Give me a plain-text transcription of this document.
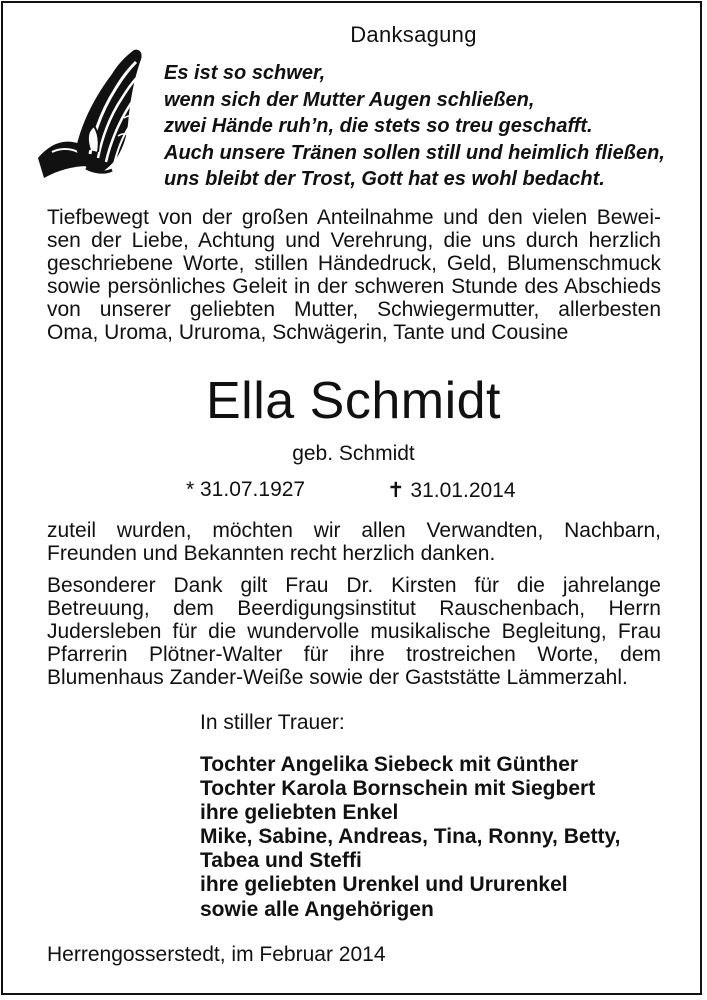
Danksagung
Es ist so schwer,
wenn sich der Mutter Augen schließen,
zwei Hände ruh’n, die stets so treu geschafft.
Auch unsere Tränen sollen still und heimlich fließen,
uns bleibt der Trost, Gott hat es wohl bedacht.
Tiefbewegt von der großen Anteilnahme und den vielen Bewei-
sen der Liebe, Achtung und Verehrung, die uns durch herzlich
geschriebene Worte, stillen Händedruck, Geld, Blumenschmuck
sowie persönliches Geleit in der schweren Stunde des Abschieds
von unserer geliebten Mutter, Schwiegermutter, allerbesten
Oma, Uroma, Ururoma, Schwägerin, Tante und Cousine
Ella Schmidt
geb. Schmidt
* 31.07.1927	✝ 31.01.2014
zuteil wurden, möchten wir allen Verwandten, Nachbarn,
Freunden und Bekannten recht herzlich danken.
Besonderer Dank gilt Frau Dr. Kirsten für die jahrelange
Betreuung, dem Beerdigungsinstitut Rauschenbach, Herrn
Judersleben für die wundervolle musikalische Begleitung, Frau
Pfarrerin Plötner-Walter für ihre trostreichen Worte, dem
Blumenhaus Zander-Weiße sowie der Gaststätte Lämmerzahl.
In stiller Trauer:
Tochter Angelika Siebeck mit Günther
Tochter Karola Bornschein mit Siegbert
ihre geliebten Enkel
Mike, Sabine, Andreas, Tina, Ronny, Betty,
Tabea und Steffi
ihre geliebten Urenkel und Ururenkel
sowie alle Angehörigen
Herrengosserstedt, im Februar 2014
